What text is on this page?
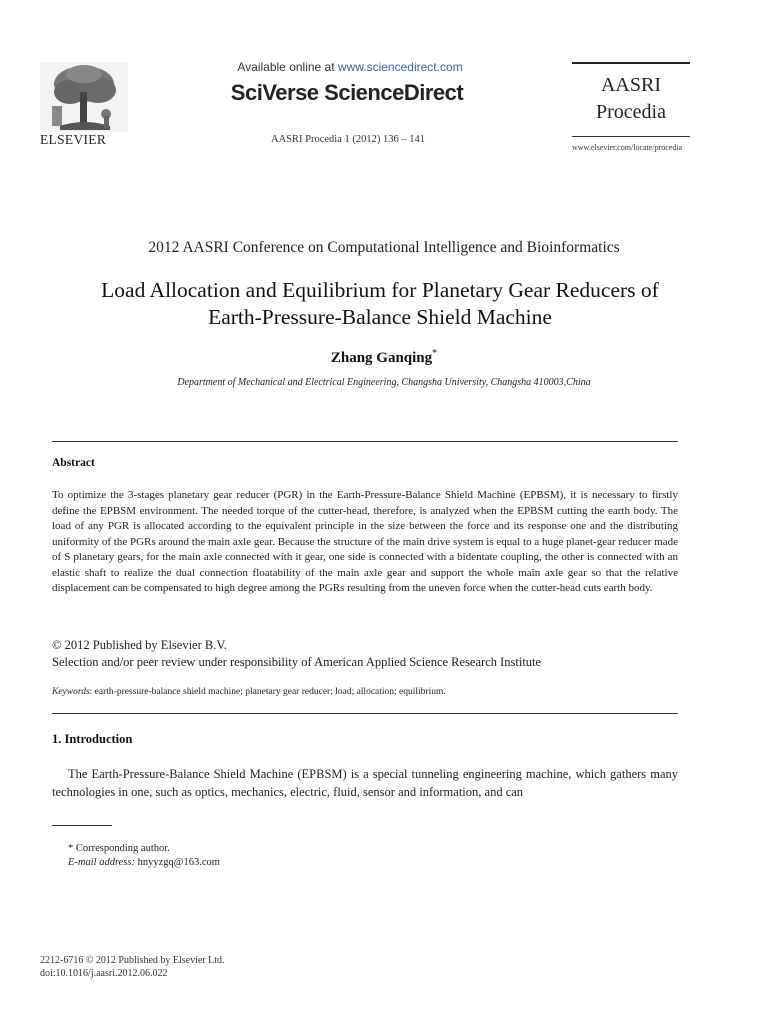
ELSEVIER
Available online at www.sciencedirect.com
SciVerse ScienceDirect
AASRI Procedia 1 (2012) 136 – 141
AASRI
Procedia
www.elsevier.com/locate/procedia
2012 AASRI Conference on Computational Intelligence and Bioinformatics
Load Allocation and Equilibrium for Planetary Gear Reducers of
Earth-Pressure-Balance Shield Machine
Zhang Ganqing*
Department of Mechanical and Electrical Engineering, Changsha University, Changsha 410003,China
Abstract
To optimize the 3-stages planetary gear reducer (PGR) in the Earth-Pressure-Balance Shield Machine (EPBSM), it is necessary to firstly define the EPBSM environment. The needed torque of the cutter-head, therefore, is analyzed when the EPBSM cutting the earth body. The load of any PGR is allocated according to the equivalent principle in the size between the force and its response one and the distributing uniformity of the PGRs around the main axle gear. Because the structure of the main drive system is equal to a huge planet-gear reducer made of S planetary gears, for the main axle connected with it gear, one side is connected with a bidentate coupling, the other is connected with an elastic shaft to realize the dual connection floatability of the main axle gear and support the whole main axle gear so that the relative displacement can be compensated to high degree among the PGRs resulting from the uneven force when the cutter-head cuts earth body.
© 2012 Published by Elsevier B.V.
Selection and/or peer review under responsibility of American Applied Science Research Institute
Keywords: earth-pressure-balance shield machine; planetary gear reducer; load; allocation; equilibrium.
1. Introduction
The Earth-Pressure-Balance Shield Machine (EPBSM) is a special tunneling engineering machine, which gathers many technologies in one, such as optics, mechanics, electric, fluid, sensor and information, and can
* Corresponding author.
E-mail address: hnyyzgq@163.com
2212-6716 © 2012 Published by Elsevier Ltd.
doi:10.1016/j.aasri.2012.06.022
